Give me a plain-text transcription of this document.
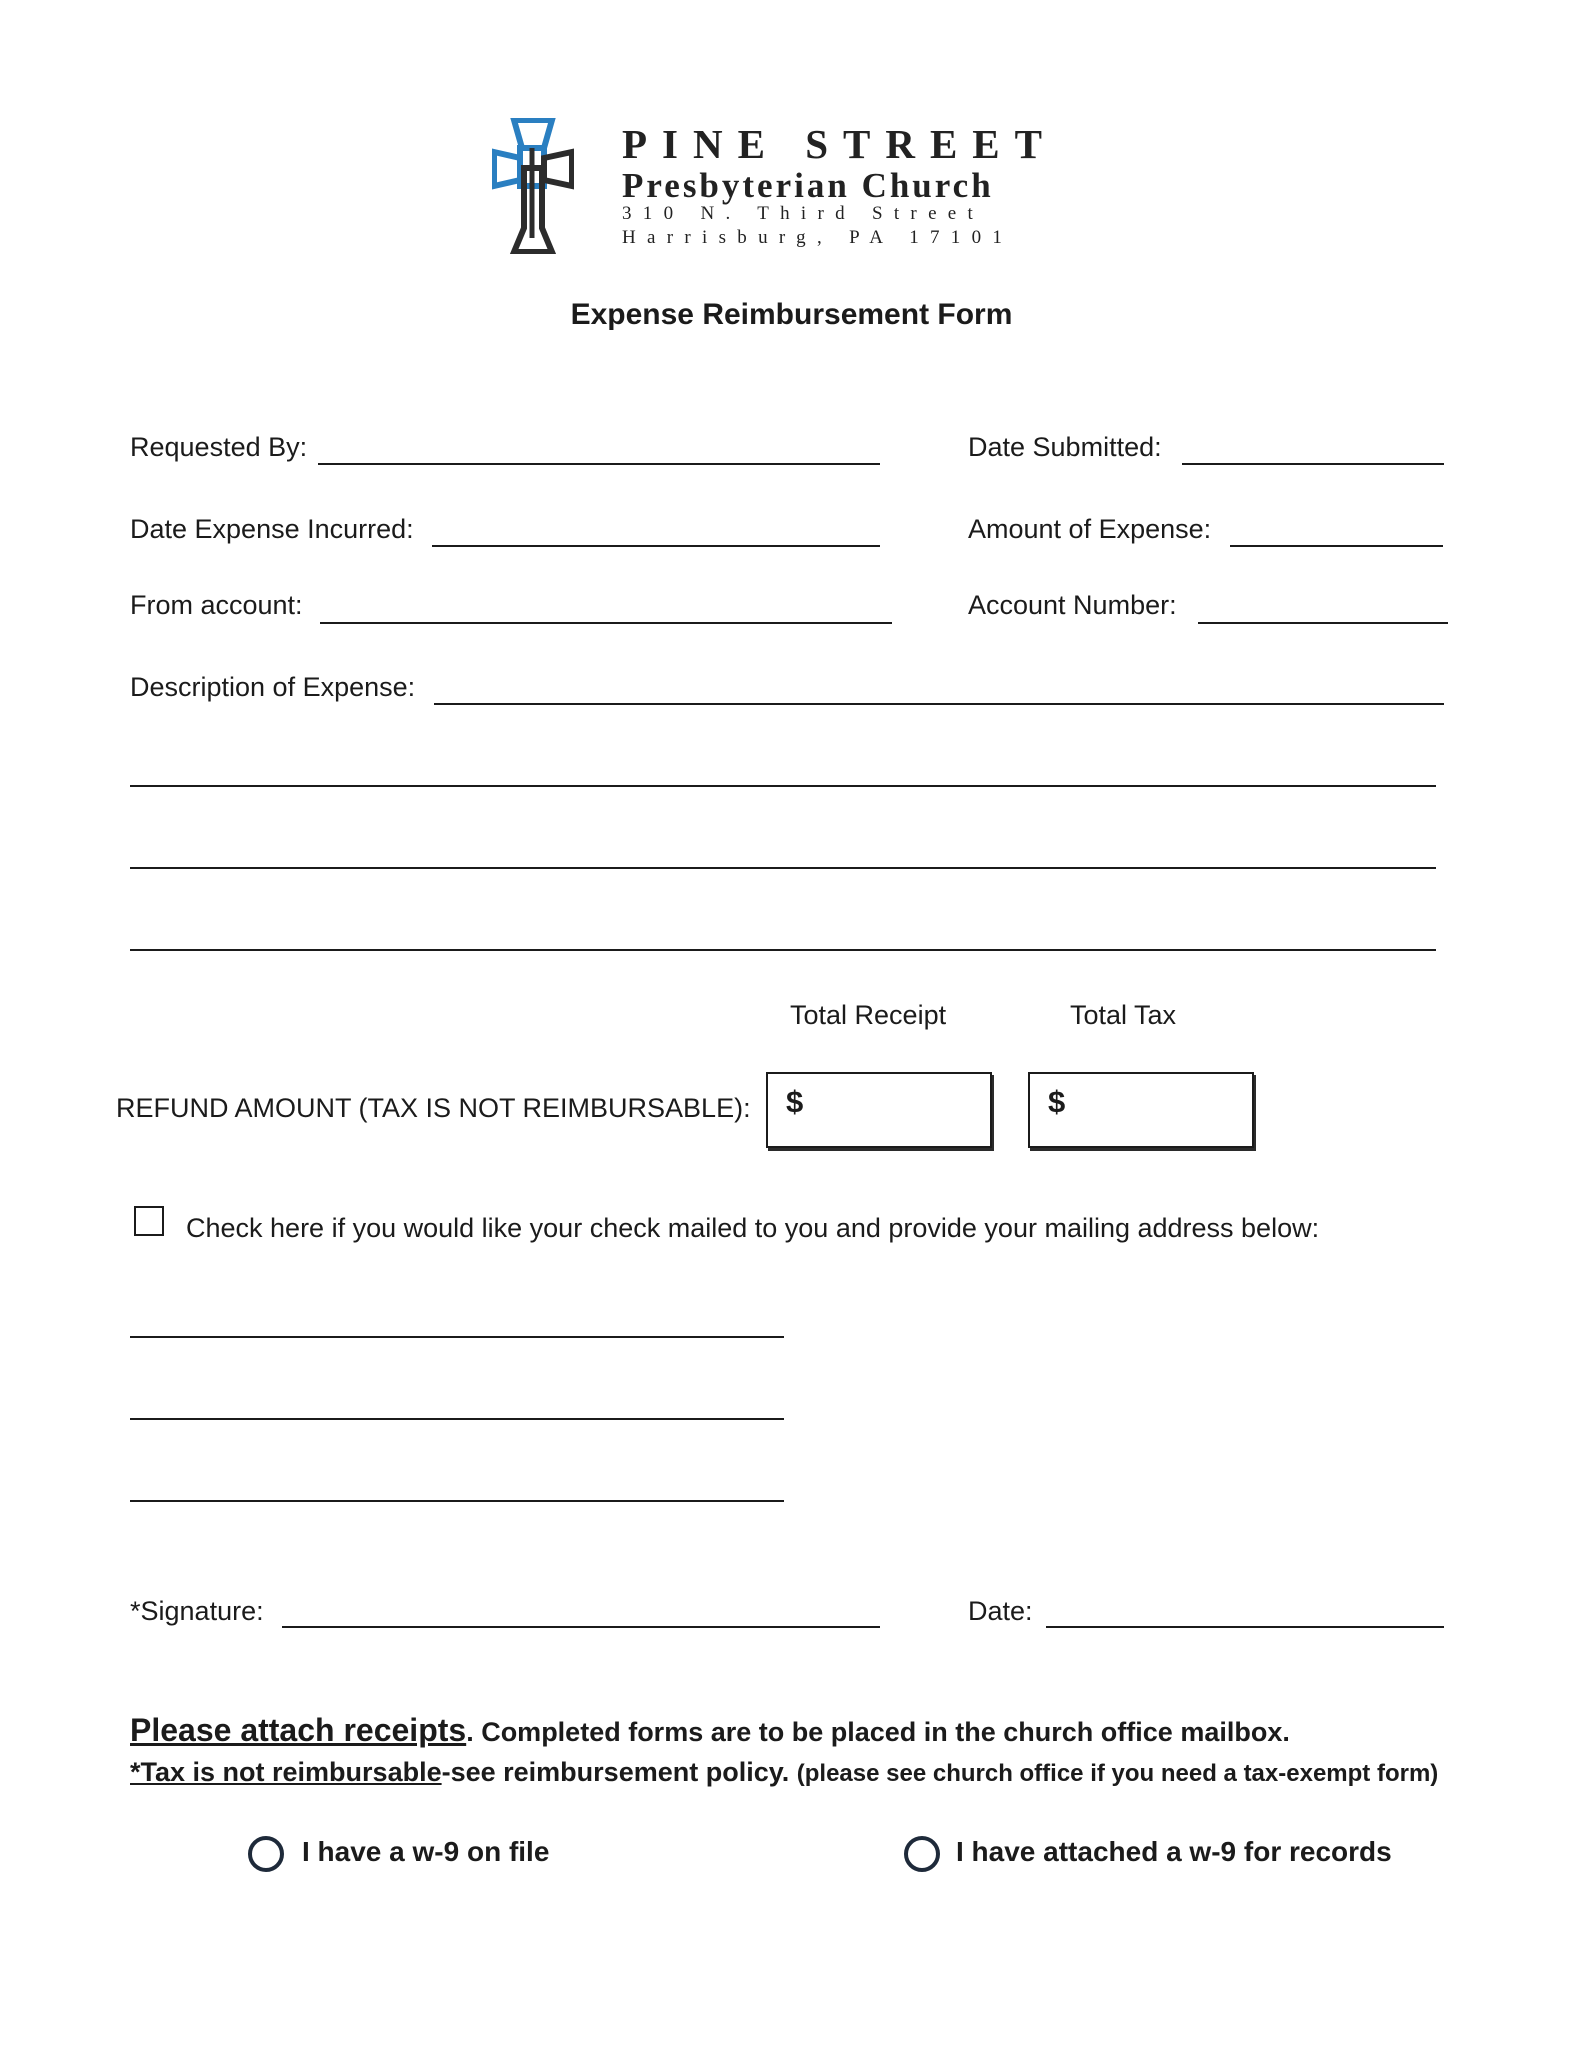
PINE STREET
Presbyterian Church
310 N. Third Street
Harrisburg, PA 17101
Expense Reimbursement Form
Requested By:	Date Submitted:
Date Expense Incurred:	Amount of Expense:
From account:	Account Number:
Description of Expense:
Total Receipt	Total Tax
REFUND AMOUNT (TAX IS NOT REIMBURSABLE): $	$
Check here if you would like your check mailed to you and provide your mailing address below:
*Signature:	Date:
Please attach receipts. Completed forms are to be placed in the church office mailbox.
*Tax is not reimbursable-see reimbursement policy. (please see church office if you need a tax-exempt form)
I have a w-9 on file	I have attached a w-9 for records
